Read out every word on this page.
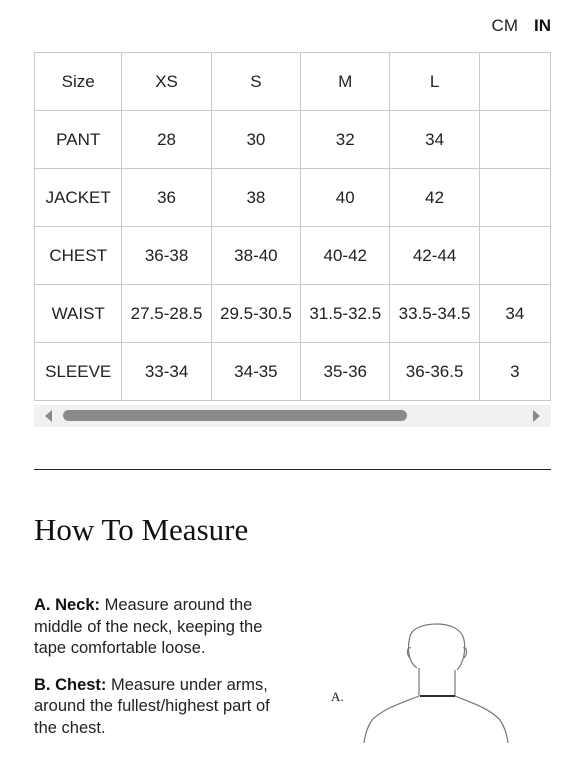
CM IN
Size	XS	S	M	L	
PANT	28	30	32	34	
JACKET	36	38	40	42	
CHEST	36-38	38-40	40-42	42-44	
WAIST	27.5-28.5	29.5-30.5	31.5-32.5	33.5-34.5	34
SLEEVE	33-34	34-35	35-36	36-36.5	3
How To Measure

A. Neck: Measure around the middle of the neck, keeping the tape comfortable loose.

B. Chest: Measure under arms, around the fullest/highest part of the chest.

A.
